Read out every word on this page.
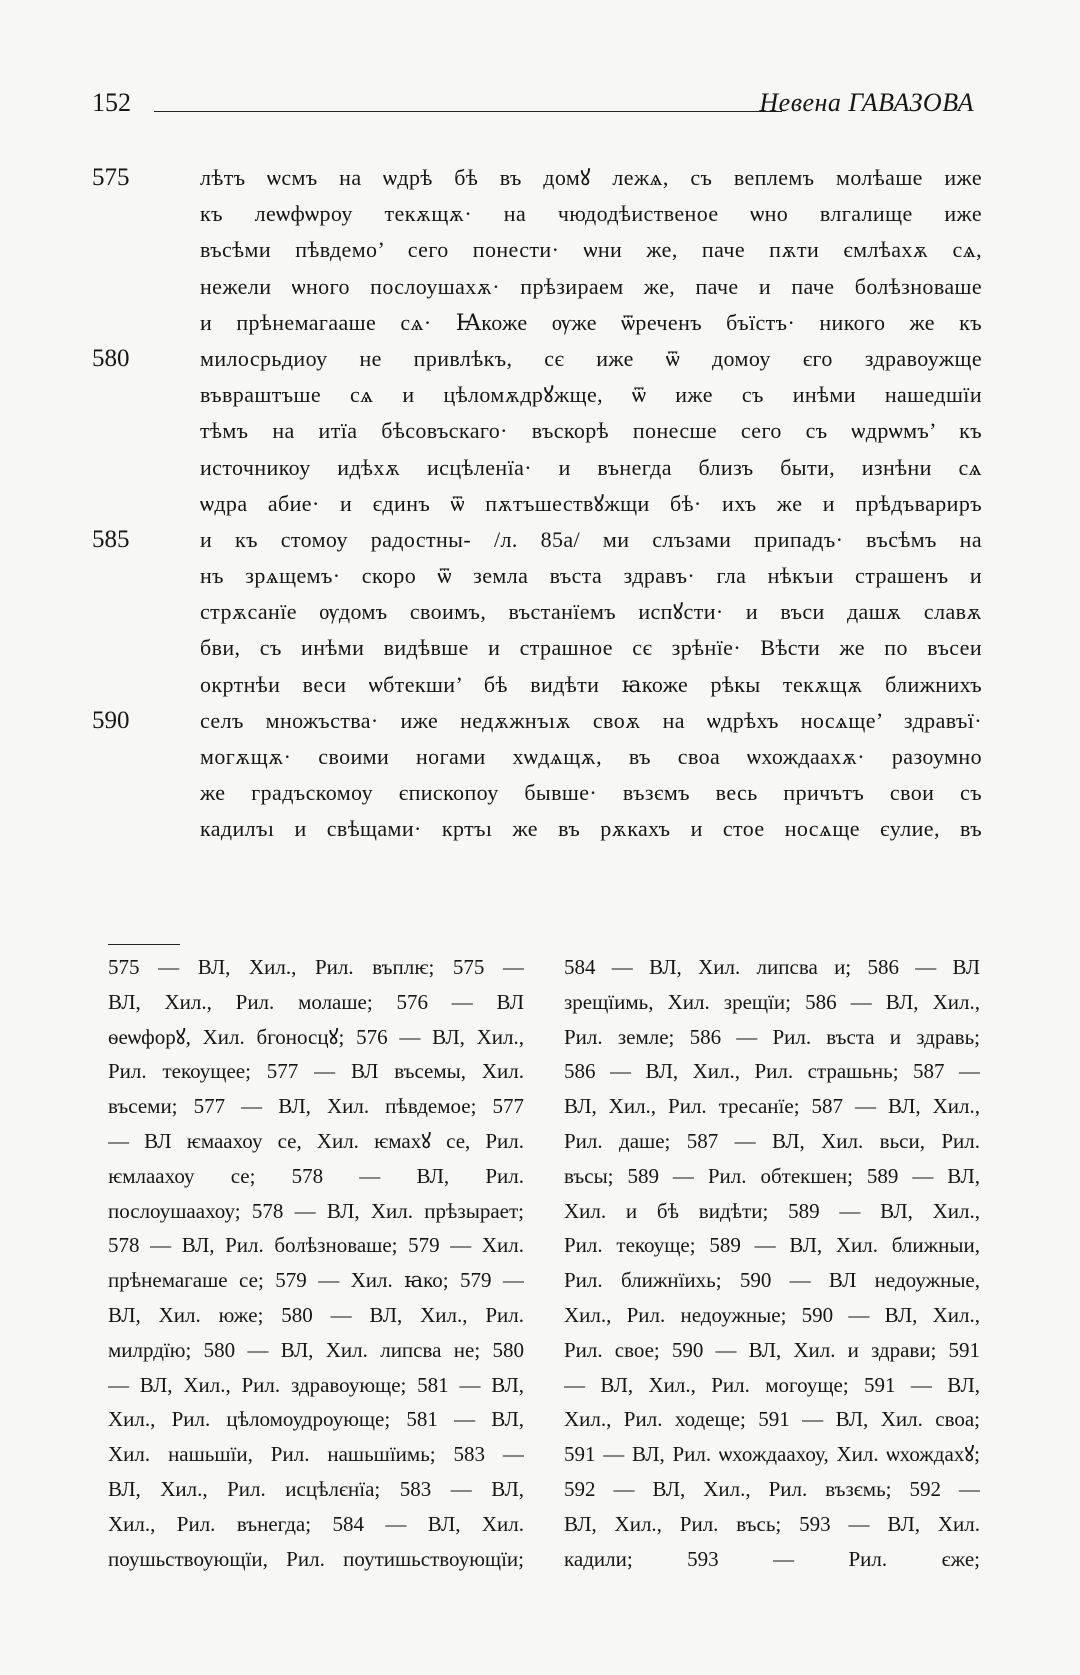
152	Невена ГАВАЗОВА
575	лѣтъ ѡсмъ на ѡдрѣ бѣ въ домꙋ лежѧ, съ веплемъ молѣаше иже
къ леѡфѡроу текѫщѫ· на чюдодѣиственое ѡно влгалище иже
въсѣми пѣвдемо’ сего понести· ѡни же, паче пѫти ємлѣахѫ сѧ,
нежели ѡного послоушахѫ· прѣзираем же, паче и паче болѣзноваше
и прѣнемагааше сѧ· Ꙗкоже ѹже ѿреченъ бъїстъ· никого же къ
580	милосрьдиоу не привлѣкъ, сє иже ѿ домоу єго здравоужще
въвраштъше сѧ и цѣломѫдрꙋжще, ѿ иже съ инѣми нашедшїи
тѣмъ на итїа бѣсовъскаго· въскорѣ понесше сего съ ѡдрѡмъ’ къ
источникоу идѣхѫ исцѣленїа· и вънегда близъ быти, изнѣни сѧ
ѡдра абие· и єдинъ ѿ пѫтъшествꙋжщи бѣ· ихъ же и прѣдъвариръ
585	и къ стомоу радостны- /л. 85а/ ми слъзами припадъ· въсѣмъ на
нъ зрѧщемъ· скоро ѿ земла въста здравъ· гла нѣкъıи страшенъ и
стрѫсанїе ѹдомъ своимъ, въстанїемъ испꙋсти· и въси дашѫ славѫ
бви, съ инѣми видѣвше и страшное сє зрѣнїе· Вѣсти же по въсеи
окртнѣи веси ѡбтекши’ бѣ видѣти ꙗкоже рѣкы текѫщѫ ближнихъ
590	селъ множъства· иже недѫжнъıѫ своѫ на ѡдрѣхъ носѧще’ здравъї·
могѫщѫ· своими ногами хѡдѧщѫ, въ своа ѡхождаахѫ· разоумно
же градъскомоу єпископоу бывше· възємъ весь причътъ свои съ
кадилъı и свѣщами· кртъı же въ рѫкахъ и стое носѧще єулие, въ
575 — ВЛ, Хил., Рил. въплѥ; 575 —
ВЛ, Хил., Рил. молаше; 576 — ВЛ
ѳеѡфорꙋ, Хил. бгоносцꙋ; 576 — ВЛ, Хил.,
Рил. текоущее; 577 — ВЛ въсемы, Хил.
въсеми; 577 — ВЛ, Хил. пѣвдемое; 577
— ВЛ ѥмаахоу се, Хил. ѥмахꙋ се, Рил.
ѥмлаахоу се; 578 — ВЛ, Рил.
послоушаахоу; 578 — ВЛ, Хил. прѣзырает;
578 — ВЛ, Рил. болѣзноваше; 579 — Хил.
прѣнемагаше се; 579 — Хил. ꙗко; 579 —
ВЛ, Хил. южe; 580 — ВЛ, Хил., Рил.
милрдїю; 580 — ВЛ, Хил. липсва не; 580
— ВЛ, Хил., Рил. здравоующе; 581 — ВЛ,
Хил., Рил. цѣломоудроующе; 581 — ВЛ,
Хил. нашьшїи, Рил. нашьшїимь; 583 —
ВЛ, Хил., Рил. исцѣлєнїа; 583 — ВЛ,
Хил., Рил. вънегда; 584 — ВЛ, Хил.
поушьствоующїи, Рил. поутишьствоующїи;
584 — ВЛ, Хил. липсва и; 586 — ВЛ
зрещїимь, Хил. зрещїи; 586 — ВЛ, Хил.,
Рил. земле; 586 — Рил. въста и здравь;
586 — ВЛ, Хил., Рил. страшьнь; 587 —
ВЛ, Хил., Рил. тресанїе; 587 — ВЛ, Хил.,
Рил. даше; 587 — ВЛ, Хил. вьси, Рил.
въсы; 589 — Рил. обтекшен; 589 — ВЛ,
Хил. и бѣ видѣти; 589 — ВЛ, Хил.,
Рил. текоуще; 589 — ВЛ, Хил. ближныи,
Рил. ближнїихь; 590 — ВЛ недоужные,
Хил., Рил. недоужные; 590 — ВЛ, Хил.,
Рил. свое; 590 — ВЛ, Хил. и здрави; 591
— ВЛ, Хил., Рил. могоуще; 591 — ВЛ,
Хил., Рил. ходеще; 591 — ВЛ, Хил. своа;
591 — ВЛ, Рил. ѡхождаахоу, Хил. ѡхождахꙋ;
592 — ВЛ, Хил., Рил. възємь; 592 —
ВЛ, Хил., Рил. въсь; 593 — ВЛ, Хил.
кадили; 593 — Рил. єже;
